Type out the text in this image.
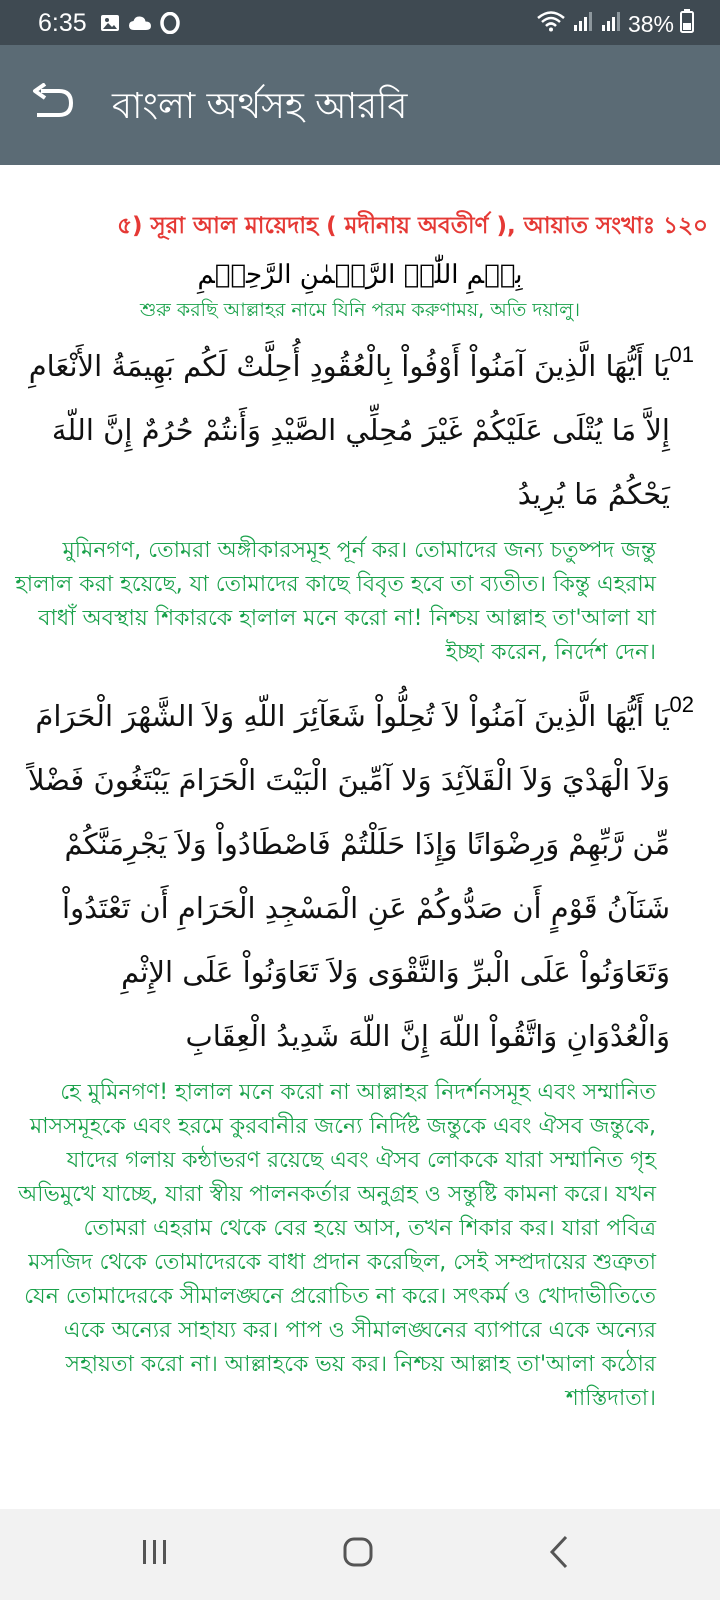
6:35	38%
বাংলা অর্থসহ আরবি
৫) সূরা আল মায়েদাহ ( মদীনায় অবতীর্ণ ), আয়াত সংখাঃ ১২০
بِسۡمِ اللّٰہِ الرَّحۡمٰنِ الرَّحِیۡمِ
শুরু করছি আল্লাহর নামে যিনি পরম করুণাময়, অতি দয়ালু।
01
يَا أَيُّهَا الَّذِينَ آمَنُواْ أَوْفُواْ بِالْعُقُودِ أُحِلَّتْ لَكُم بَهِيمَةُ الأَنْعَامِ إِلاَّ مَا يُتْلَى عَلَيْكُمْ غَيْرَ مُحِلِّي الصَّيْدِ وَأَنتُمْ حُرُمٌ إِنَّ اللّهَ يَحْكُمُ مَا يُرِيدُ
মুমিনগণ, তোমরা অঙ্গীকারসমূহ পূর্ন কর। তোমাদের জন্য চতুষ্পদ জন্তু হালাল করা হয়েছে, যা তোমাদের কাছে বিবৃত হবে তা ব্যতীত। কিন্তু এহরাম বাধাঁ অবস্থায় শিকারকে হালাল মনে করো না! নিশ্চয় আল্লাহ তা'আলা যা ইচ্ছা করেন, নির্দেশ দেন।
02
يَا أَيُّهَا الَّذِينَ آمَنُواْ لاَ تُحِلُّواْ شَعَآئِرَ اللّهِ وَلاَ الشَّهْرَ الْحَرَامَ وَلاَ الْهَدْيَ وَلاَ الْقَلآئِدَ وَلا آمِّينَ الْبَيْتَ الْحَرَامَ يَبْتَغُونَ فَضْلاً مِّن رَّبِّهِمْ وَرِضْوَانًا وَإِذَا حَلَلْتُمْ فَاصْطَادُواْ وَلاَ يَجْرِمَنَّكُمْ شَنَآنُ قَوْمٍ أَن صَدُّوكُمْ عَنِ الْمَسْجِدِ الْحَرَامِ أَن تَعْتَدُواْ وَتَعَاوَنُواْ عَلَى الْبرِّ وَالتَّقْوَى وَلاَ تَعَاوَنُواْ عَلَى الإِثْمِ وَالْعُدْوَانِ وَاتَّقُواْ اللّهَ إِنَّ اللّهَ شَدِيدُ الْعِقَابِ
হে মুমিনগণ! হালাল মনে করো না আল্লাহর নিদর্শনসমূহ এবং সম্মানিত মাসসমূহকে এবং হরমে কুরবানীর জন্যে নির্দিষ্ট জন্তুকে এবং ঐসব জন্তুকে, যাদের গলায় কন্ঠাভরণ রয়েছে এবং ঐসব লোককে যারা সম্মানিত গৃহ অভিমুখে যাচ্ছে, যারা স্বীয় পালনকর্তার অনুগ্রহ ও সন্তুষ্টি কামনা করে। যখন তোমরা এহরাম থেকে বের হয়ে আস, তখন শিকার কর। যারা পবিত্র মসজিদ থেকে তোমাদেরকে বাধা প্রদান করেছিল, সেই সম্প্রদায়ের শুত্রুতা যেন তোমাদেরকে সীমালঙ্ঘনে প্ররোচিত না করে। সৎকর্ম ও খোদাভীতিতে একে অন্যের সাহায্য কর। পাপ ও সীমালঙ্ঘনের ব্যাপারে একে অন্যের সহায়তা করো না। আল্লাহকে ভয় কর। নিশ্চয় আল্লাহ তা'আলা কঠোর শাস্তিদাতা।
